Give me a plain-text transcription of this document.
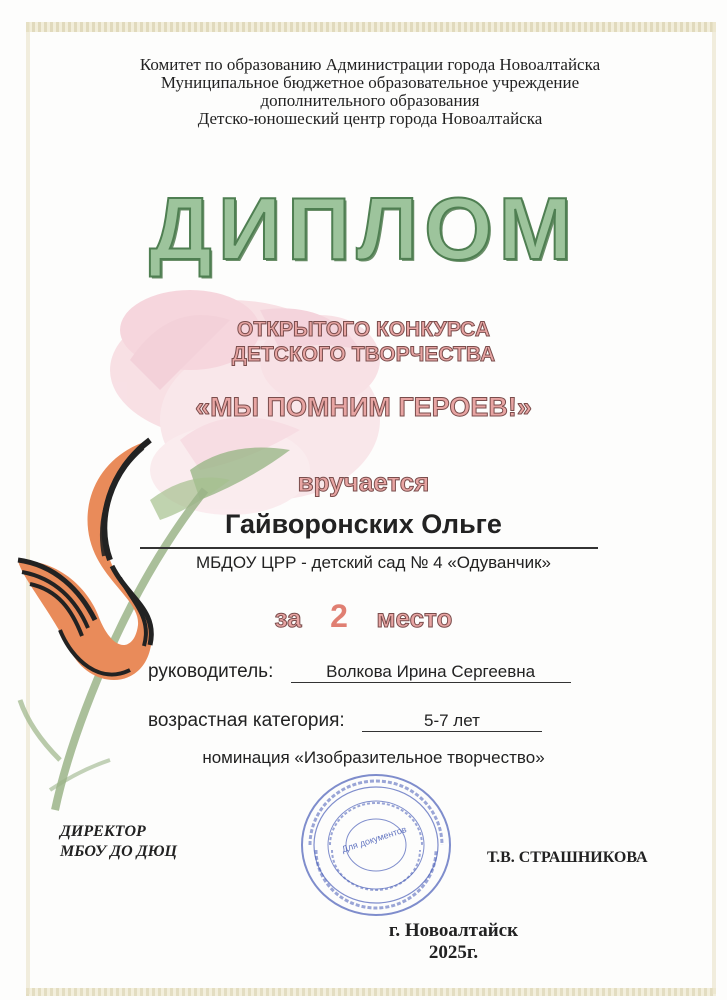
Комитет по образованию Администрации города Новоалтайска
Муниципальное бюджетное образовательное учреждение
дополнительного образования
Детско-юношеский центр города Новоалтайска
ДИПЛОМ
ОТКРЫТОГО КОНКУРСА
ДЕТСКОГО ТВОРЧЕСТВА
«МЫ ПОМНИМ ГЕРОЕВ!»
вручается
Гайворонских Ольге
МБДОУ ЦРР - детский сад № 4 «Одуванчик»
за 2 место
руководитель:	Волкова Ирина Сергеевна
возрастная категория:	5-7 лет
номинация «Изобразительное творчество»
ДИРЕКТОР
МБОУ ДО ДЮЦ	Для документов
Т.В. СТРАШНИКОВА
г. Новоалтайск
2025г.
